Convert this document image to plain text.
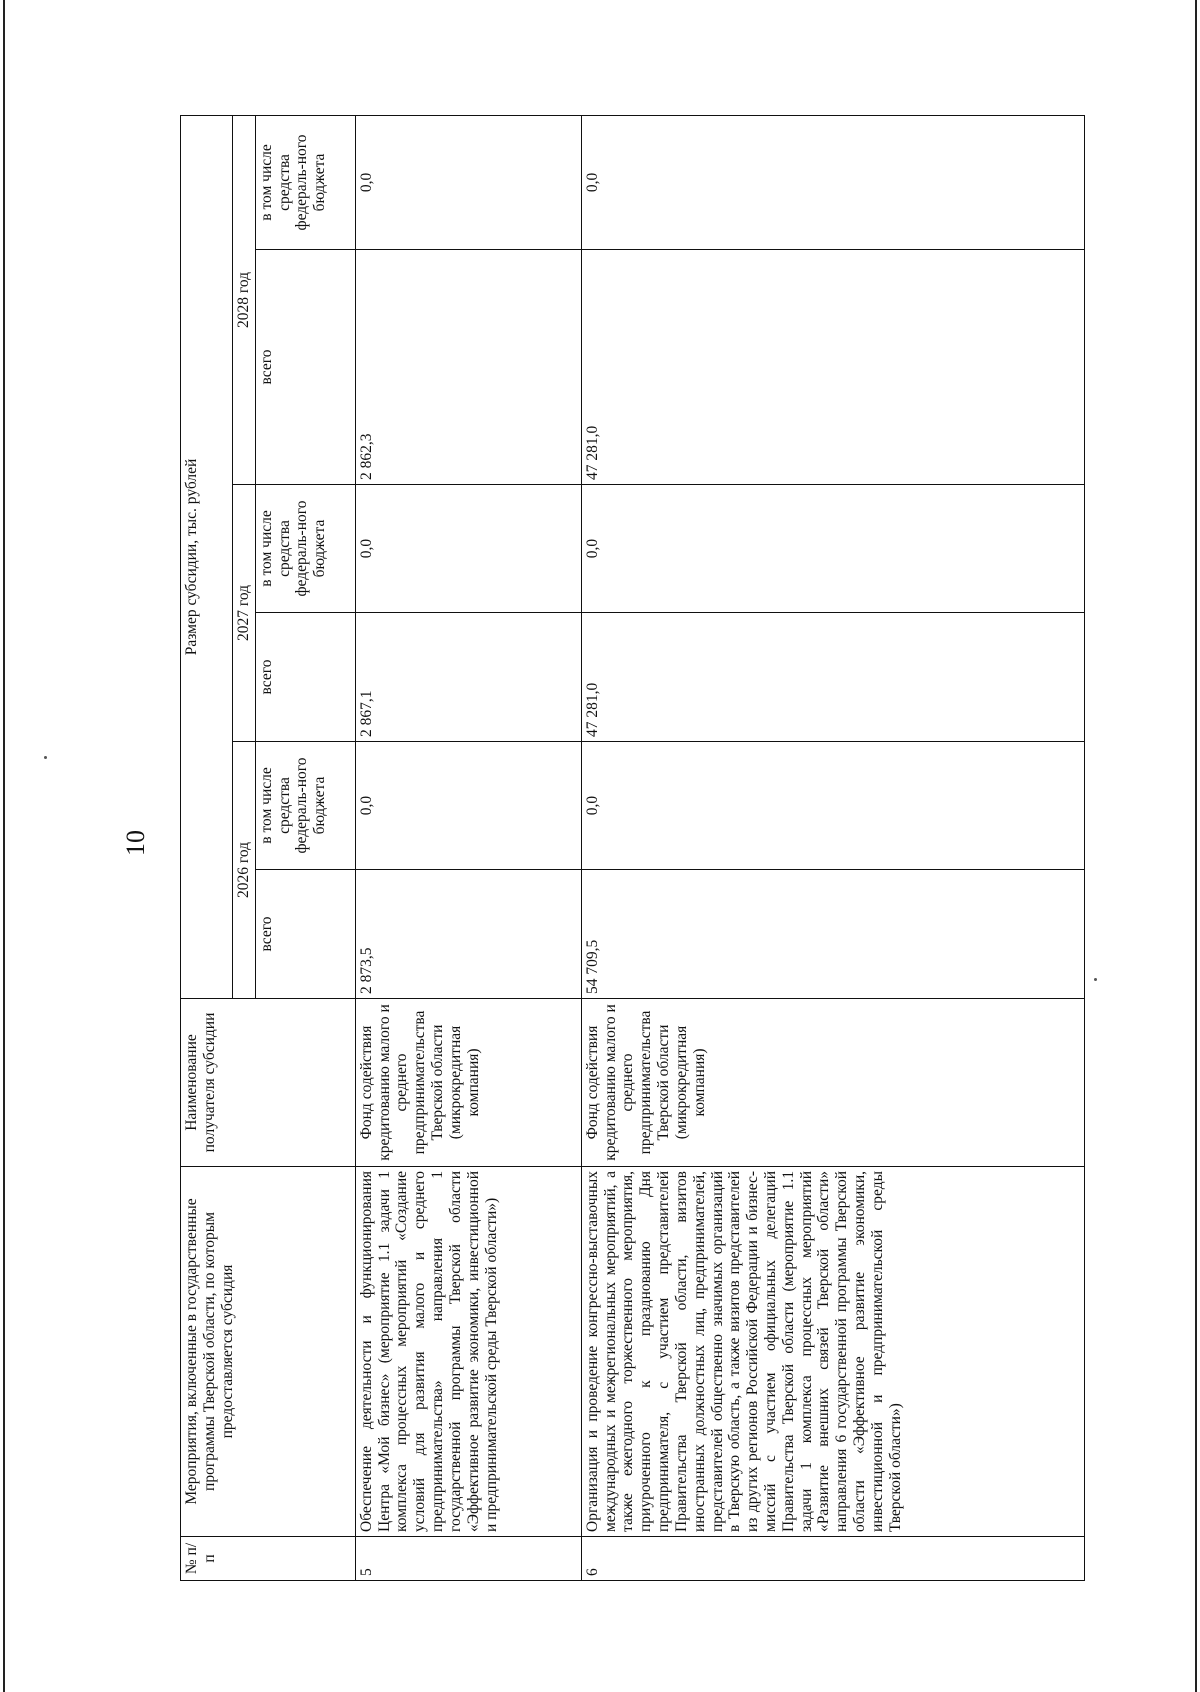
10
№ п/п	Мероприятия, включенные в государственные программы Тверской области, по которым предоставляется субсидия	Наименование получателя субсидии	Размер субсидии, тыс. рублей					
			2026 год		2027 год		2028 год	
			всего	в том числе средства федераль-ного бюджета	всего	в том числе средства федераль-ного бюджета	всего	в том числе средства федераль-ного бюджета
5	Обеспечение деятельности и функционирования Центра «Мой бизнес» (мероприятие 1.1 задачи 1 комплекса процессных мероприятий «Создание условий для развития малого и среднего предпринимательства» направления 1 государственной программы Тверской области «Эффективное развитие экономики, инвестиционной и предпринимательской среды Тверской области»)	Фонд содействия кредитованию малого и среднего предпринимательства Тверской области (микрокредитная компания)	2 873,5	0,0	2 867,1	0,0	2 862,3	0,0
6	Организация и проведение конгрессно-выставочных международных и межрегиональных мероприятий, а также ежегодного торжественного мероприятия, приуроченного к празднованию Дня предпринимателя, с участием представителей Правительства Тверской области, визитов иностранных должностных лиц, предпринимателей, представителей общественно значимых организаций в Тверскую область, а также визитов представителей из других регионов Российской Федерации и бизнес-миссий с участием официальных делегаций Правительства Тверской области (мероприятие 1.1 задачи 1 комплекса процессных мероприятий «Развитие внешних связей Тверской области» направления 6 государственной программы Тверской области «Эффективное развитие экономики, инвестиционной и предпринимательской среды Тверской области»)	Фонд содействия кредитованию малого и среднего предпринимательства Тверской области (микрокредитная компания)	54 709,5	0,0	47 281,0	0,0	47 281,0	0,0
